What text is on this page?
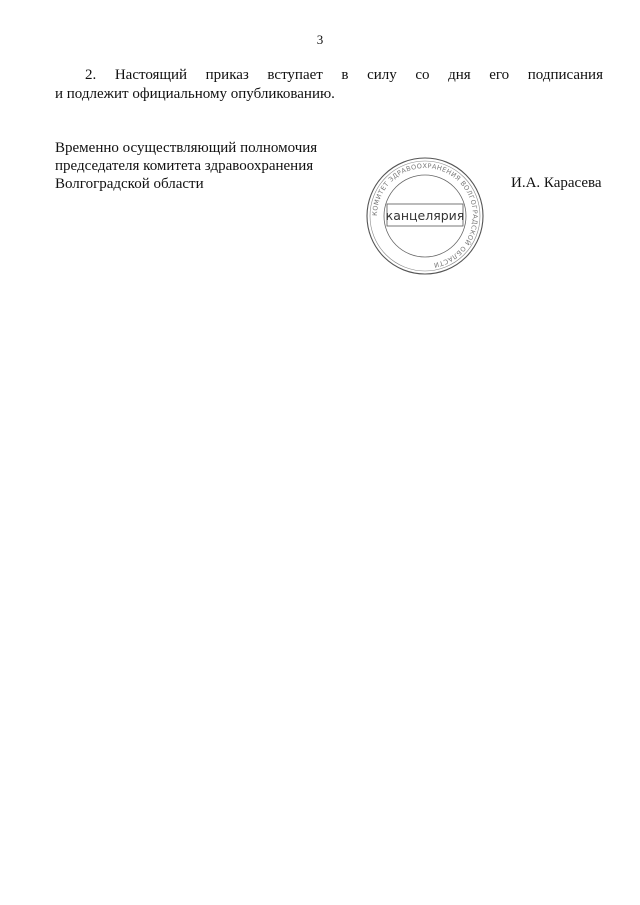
3
2. Настоящий приказ вступает в силу со дня его подписания
и подлежит официальному опубликованию.
Временно осуществляющий полномочия
председателя комитета здравоохранения
Волгоградской области	И.А. Карасева
КОМИТЕТ ЗДРАВООХРАНЕНИЯ ВОЛГОГРАДСКОЙ ОБЛАСТИ
канцелярия
